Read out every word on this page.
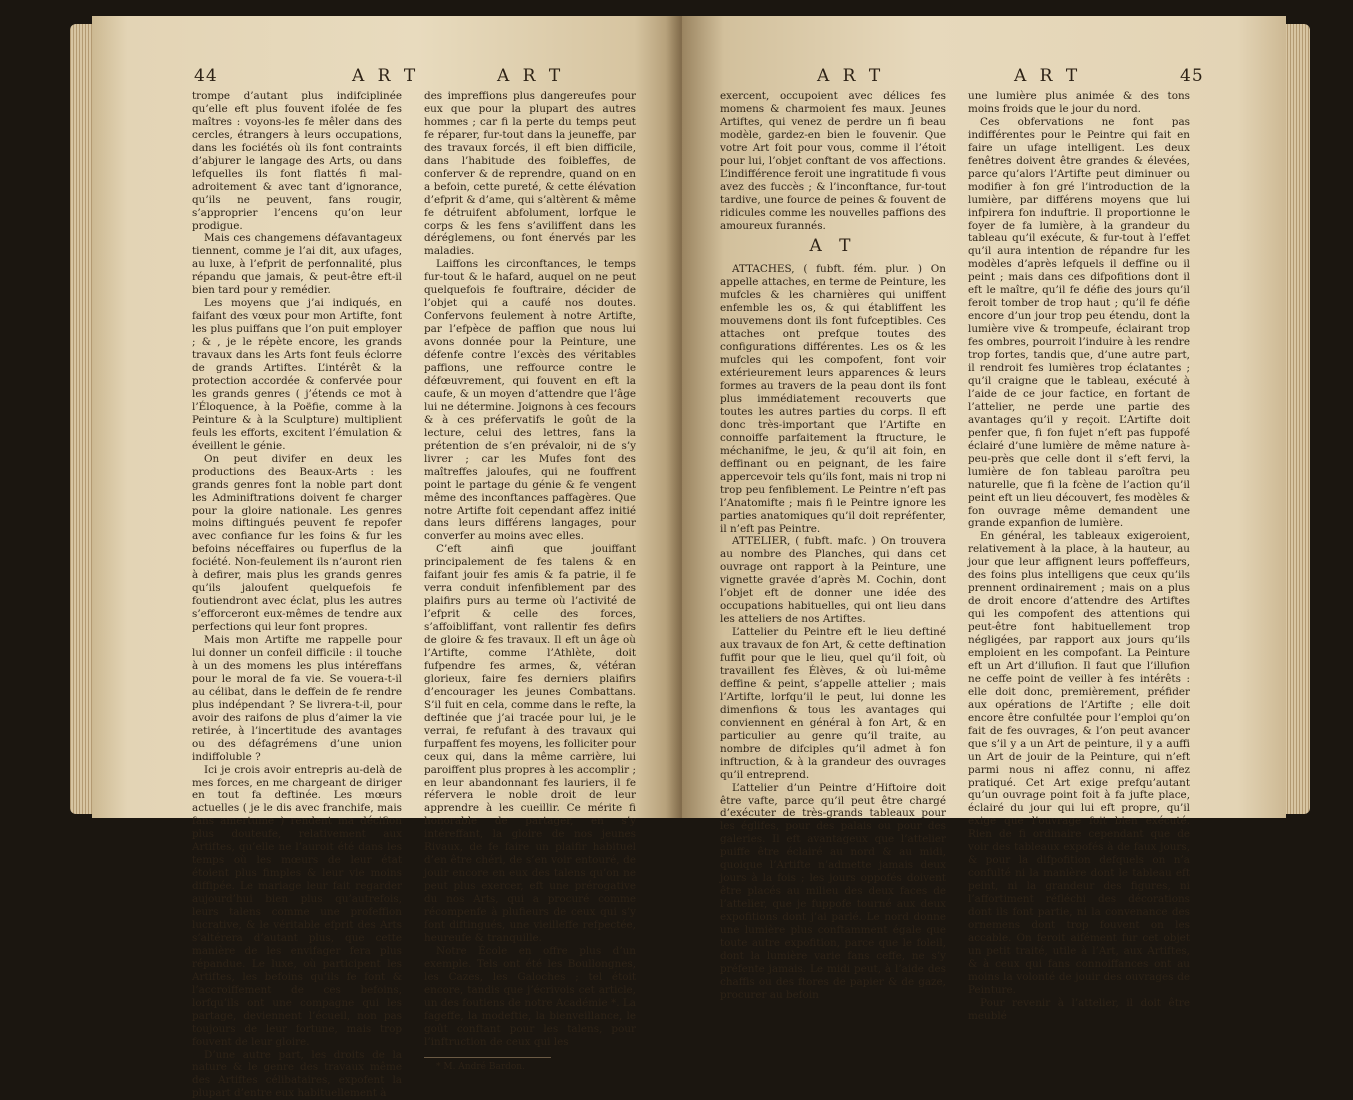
44	A R T	A R T

trompe d’autant plus indifciplinée qu’elle eft plus fouvent ifolée de fes maîtres : voyons-les fe mêler dans des cercles, étrangers à leurs occupations, dans les fociétés où ils font contraints d’abjurer le langage des Arts, ou dans lefquelles ils font flattés fi mal-adroitement & avec tant d’ignorance, qu’ils ne peuvent, fans rougir, s’approprier l’encens qu’on leur prodigue.

Mais ces changemens défavantageux tiennent, comme je l’ai dit, aux ufages, au luxe, à l’efprit de perfonnalité, plus répandu que jamais, & peut-être eft-il bien tard pour y remédier.

Les moyens que j’ai indiqués, en faifant des vœux pour mon Artifte, font les plus puiffans que l’on puit employer ; & , je le répète encore, les grands travaux dans les Arts font feuls éclorre de grands Artiftes. L’intérêt & la protection accordée & confervée pour les grands genres ( j’étends ce mot à l’Éloquence, à la Poëfie, comme à la Peinture & à la Sculpture) multiplient feuls les efforts, excitent l’émulation & éveillent le génie.

On peut divifer en deux les productions des Beaux-Arts : les grands genres font la noble part dont les Adminiftrations doivent fe charger pour la gloire nationale. Les genres moins diftingués peuvent fe repofer avec confiance fur les foins & fur les befoins néceffaires ou fuperflus de la fociété. Non-feulement ils n’auront rien à defirer, mais plus les grands genres qu’ils jaloufent quelquefois fe foutiendront avec éclat, plus les autres s’efforceront eux-mêmes de tendre aux perfections qui leur font propres.

Mais mon Artifte me rappelle pour lui donner un confeil difficile : il touche à un des momens les plus intéreffans pour le moral de fa vie. Se vouera-t-il au célibat, dans le deffein de fe rendre plus indépendant ? Se livrera-t-il, pour avoir des raifons de plus d’aimer la vie retirée, à l’incertitude des avantages ou des défagrémens d’une union indiffoluble ?

Ici je crois avoir entrepris au-delà de mes forces, en me chargeant de diriger en tout fa deftinée. Les mœurs actuelles ( je le dis avec franchife, mais fans amertume ) rendent ma décifion plus douteufe, relativement aux Artiftes, qu’elle ne l’auroit été dans les temps où les mœurs de leur état étoient plus fimples & leur vie moins diffipée. Le mariage leur fait regarder aujourd’hui bien plus qu’autrefois, leurs talens comme une profeffion lucrative, & le véritable efprit des Arts s’altérera d’autant plus, que cette manière de les envifager fera plus répandue. Le luxe, où participent les Artiftes, les befoins qu’ils fe font & l’accroiffement de ces befoins, lorfqu’ils ont une compagne qui les partage, deviennent l’écueil, non pas toujours de leur fortune, mais trop fouvent de leur gloire.

D’une autre part, les droits de la nature & le genre des travaux même des Artiftes célibataires, expofent la plupart d’entre eux habituellement à

des impreffions plus dangereufes pour eux que pour la plupart des autres hommes ; car fi la perte du temps peut fe réparer, fur-tout dans la jeuneffe, par des travaux forcés, il eft bien difficile, dans l’habitude des foibleffes, de conferver & de reprendre, quand on en a befoin, cette pureté, & cette élévation d’efprit & d’ame, qui s’altèrent & même fe détruifent abfolument, lorfque le corps & les fens s’aviliffent dans les déréglemens, ou font énervés par les maladies.

Laiffons les circonftances, le temps fur-tout & le hafard, auquel on ne peut quelquefois fe fouftraire, décider de l’objet qui a caufé nos doutes. Confervons feulement à notre Artifte, par l’efpèce de paffion que nous lui avons donnée pour la Peinture, une défenfe contre l’excès des véritables paffions, une reffource contre le défœuvrement, qui fouvent en eft la caufe, & un moyen d’attendre que l’âge lui ne détermine. Joignons à ces fecours & à ces préfervatifs le goût de la lecture, celui des lettres, fans la prétention de s’en prévaloir, ni de s’y livrer ; car les Mufes font des maîtreffes jaloufes, qui ne fouffrent point le partage du génie & fe vengent même des inconftances paffagères. Que notre Artifte foit cependant affez initié dans leurs différens langages, pour converfer au moins avec elles.

C’eft ainfi que jouiffant principalement de fes talens & en faifant jouir fes amis & fa patrie, il fe verra conduit infenfiblement par des plaifirs purs au terme où l’activité de l’efprit & celle des forces, s’affoibliffant, vont rallentir fes defirs de gloire & fes travaux. Il eft un âge où l’Artifte, comme l’Athlète, doit fufpendre fes armes, &, vétéran glorieux, faire fes derniers plaifirs d’encourager les jeunes Combattans. S’il fuit en cela, comme dans le refte, la deftinée que j’ai tracée pour lui, je le verrai, fe refufant à des travaux qui furpaffent fes moyens, les folliciter pour ceux qui, dans la même carrière, lui paroiffent plus propres à les accomplir ; en leur abandonnant fes lauriers, il fe réfervera le noble droit de leur apprendre à les cueillir. Ce mérite fi honorable de partager, en s’y intéreffant, la gloire de nos jeunes Rivaux, de fe faire un plaifir habituel d’en être chéri, de s’en voir entouré, de jouir encore en eux des talens qu’on ne peut plus exercer, eft une prérogative du nos Arts, qui a procuré comme récompenfe à plufieurs de ceux qui s’y font diftingués, une vieilleffe refpectée, heureufe & tranquille.

Notre École en offre plus d’un exemple. Tels ont été les Boullongnes, les Cazes, les Galoches ; tel étoit encore, tandis que j’écrivois cet article, un des foutiens de notre Académie *. La fageffe, la modeftie, la bienveillance, le goût conftant pour les talens, pour l’inftruction de ceux qui les

* M. André Bardon.

A R T	A R T	45

exercent, occupoient avec délices fes momens & charmoient fes maux. Jeunes Artiftes, qui venez de perdre un fi beau modèle, gardez-en bien le fouvenir. Que votre Art foit pour vous, comme il l’étoit pour lui, l’objet conftant de vos affections. L’indifférence feroit une ingratitude fi vous avez des fuccès ; & l’inconftance, fur-tout tardive, une fource de peines & fouvent de ridicules comme les nouvelles paffions des amoureux furannés.

A T

ATTACHES, ( fubft. fém. plur. ) On appelle attaches, en terme de Peinture, les mufcles & les charnières qui uniffent enfemble les os, & qui établiffent les mouvemens dont ils font fufceptibles. Ces attaches ont prefque toutes des configurations différentes. Les os & les mufcles qui les compofent, font voir extérieurement leurs apparences & leurs formes au travers de la peau dont ils font plus immédiatement recouverts que toutes les autres parties du corps. Il eft donc très-important que l’Artifte en connoiffe parfaitement la ftructure, le méchanifme, le jeu, & qu’il ait foin, en deffinant ou en peignant, de les faire appercevoir tels qu’ils font, mais ni trop ni trop peu fenfiblement. Le Peintre n’eft pas l’Anatomifte ; mais fi le Peintre ignore les parties anatomiques qu’il doit repréfenter, il n’eft pas Peintre.

ATTELIER, ( fubft. mafc. ) On trouvera au nombre des Planches, qui dans cet ouvrage ont rapport à la Peinture, une vignette gravée d’après M. Cochin, dont l’objet eft de donner une idée des occupations habituelles, qui ont lieu dans les atteliers de nos Artiftes.

L’attelier du Peintre eft le lieu deftiné aux travaux de fon Art, & cette deftination fuffit pour que le lieu, quel qu’il foit, où travaillent fes Élèves, & où lui-même deffine & peint, s’appelle attelier ; mais l’Artifte, lorfqu’il le peut, lui donne les dimenfions & tous les avantages qui conviennent en général à fon Art, & en particulier au genre qu’il traite, au nombre de difciples qu’il admet à fon inftruction, & à la grandeur des ouvrages qu’il entreprend.

L’attelier d’un Peintre d’Hiftoire doit être vafte, parce qu’il peut être chargé d’exécuter de très-grands tableaux pour les églifes, pour des palais ou pour des galeries. Il eft avantageux que l’attelier puiffe être éclairé au nord & au midi, quoique l’Artifte n’admette jamais deux jours à la fois ; les jours oppofés doivent être placés au milieu des deux faces de l’attelier, que je fuppofe tourné aux deux expofitions dont j’ai parlé. Le nord donne une lumière plus conftamment égale que toute autre expofition, parce que le foleil, dont la lumière varie fans ceffe, ne s’y préfente jamais. Le midi peut, à l’aide des chaffis ou des ftores de papier & de gaze, procurer au befoin

une lumière plus animée & des tons moins froids que le jour du nord.

Ces obfervations ne font pas indifférentes pour le Peintre qui fait en faire un ufage intelligent. Les deux fenêtres doivent être grandes & élevées, parce qu’alors l’Artifte peut diminuer ou modifier à fon gré l’introduction de la lumière, par différens moyens que lui infpirera fon induftrie. Il proportionne le foyer de fa lumière, à la grandeur du tableau qu’il exécute, & fur-tout à l’effet qu’il aura intention de répandre fur les modèles d’après lefquels il deffine ou il peint ; mais dans ces difpofitions dont il eft le maître, qu’il fe défie des jours qu’il feroit tomber de trop haut ; qu’il fe défie encore d’un jour trop peu étendu, dont la lumière vive & trompeufe, éclairant trop fes ombres, pourroit l’induire à les rendre trop fortes, tandis que, d’une autre part, il rendroit fes lumières trop éclatantes ; qu’il craigne que le tableau, exécuté à l’aide de ce jour factice, en fortant de l’attelier, ne perde une partie des avantages qu’il y reçoit. L’Artifte doit penfer que, fi fon fujet n’eft pas fuppofé éclairé d’une lumière de même nature à-peu-près que celle dont il s’eft fervi, la lumière de fon tableau paroîtra peu naturelle, que fi la fcène de l’action qu’il peint eft un lieu découvert, fes modèles & fon ouvrage même demandent une grande expanfion de lumière.

En général, les tableaux exigeroient, relativement à la place, à la hauteur, au jour que leur affignent leurs poffeffeurs, des foins plus intelligens que ceux qu’ils prennent ordinairement ; mais on a plus de droit encore d’attendre des Artiftes qui les compofent des attentions qui peut-être font habituellement trop négligées, par rapport aux jours qu’ils emploient en les compofant. La Peinture eft un Art d’illufion. Il faut que l’illufion ne ceffe point de veiller à fes intérêts : elle doit donc, premièrement, préfider aux opérations de l’Artifte ; elle doit encore être confultée pour l’emploi qu’on fait de fes ouvrages, & l’on peut avancer que s’il y a un Art de peinture, il y a auffi un Art de jouir de la Peinture, qui n’eft parmi nous ni affez connu, ni affez pratiqué. Cet Art exige prefqu’autant qu’un ouvrage point foit à fa jufte place, éclairé du jour qui lui eft propre, qu’il exige que l’ouvrage foit bien exécuté. Rien de fi ordinaire cependant que de voir des tableaux expofés à de faux jours, & pour la difpofition defquels on n’a confulté ni la manière dont le tableau eft peint, ni la grandeur des figures, ni l’affortiment réfléchi des décorations dont ils font partie, ni la convenance des ornemens dont trop fouvent on les accable. On feroit aifément fur cet objet un petit traité, utile à l’Art, aux Artiftes, & à ceux qui fans connoiffances ont au moins la volonté de jouir des ouvrages de Peinture.

Pour revenir à l’attelier, il doit être meublé
